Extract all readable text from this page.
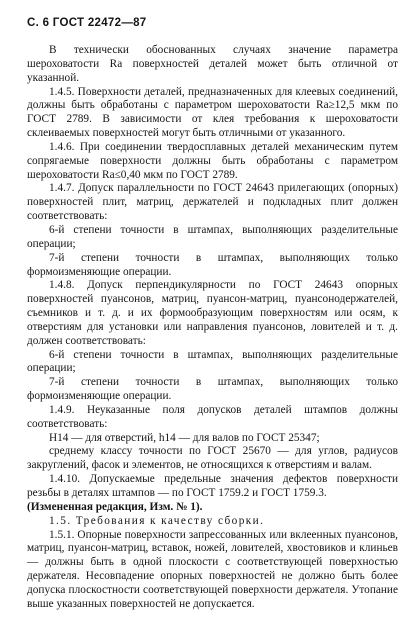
С. 6 ГОСТ 22472—87

В технически обоснованных случаях значение параметра шероховатости Ra поверхностей деталей может быть отличной от указанной.

1.4.5. Поверхности деталей, предназначенных для клеевых соединений, должны быть обработаны с параметром шероховатости Ra≥12,5 мкм по ГОСТ 2789. В зависимости от клея требования к шероховатости склеиваемых поверхностей могут быть отличными от указанного.

1.4.6. При соединении твердосплавных деталей механическим путем сопрягаемые поверхности должны быть обработаны с параметром шероховатости Ra≤0,40 мкм по ГОСТ 2789.

1.4.7. Допуск параллельности по ГОСТ 24643 прилегающих (опорных) поверхностей плит, матриц, держателей и подкладных плит должен соответствовать:

6-й степени точности в штампах, выполняющих разделительные операции;

7-й степени точности в штампах, выполняющих только формоизменяющие операции.

1.4.8. Допуск перпендикулярности по ГОСТ 24643 опорных поверхностей пуансонов, матриц, пуансон-матриц, пуансонодержателей, съемников и т. д. и их формообразующим поверхностям или осям, к отверстиям для установки или направления пуансонов, ловителей и т. д. должен соответствовать:

6-й степени точности в штампах, выполняющих разделительные операции;

7-й степени точности в штампах, выполняющих только формоизменяющие операции.

1.4.9. Неуказанные поля допусков деталей штампов должны соответствовать:

H14 — для отверстий, h14 — для валов по ГОСТ 25347;

среднему классу точности по ГОСТ 25670 — для углов, радиусов закруглений, фасок и элементов, не относящихся к отверстиям и валам.

1.4.10. Допускаемые предельные значения дефектов поверхности резьбы в деталях штампов — по ГОСТ 1759.2 и ГОСТ 1759.3.

(Измененная редакция, Изм. № 1).

1.5. Требования к качеству сборки.

1.5.1. Опорные поверхности запрессованных или вклеенных пуансонов, матриц, пуансон-матриц, вставок, ножей, ловителей, хвостовиков и клиньев — должны быть в одной плоскости с соответствующей поверхностью держателя. Несовпадение опорных поверхностей не должно быть более допуска плоскостности соответствующей поверхности держателя. Утопание выше указанных поверхностей не допускается.
